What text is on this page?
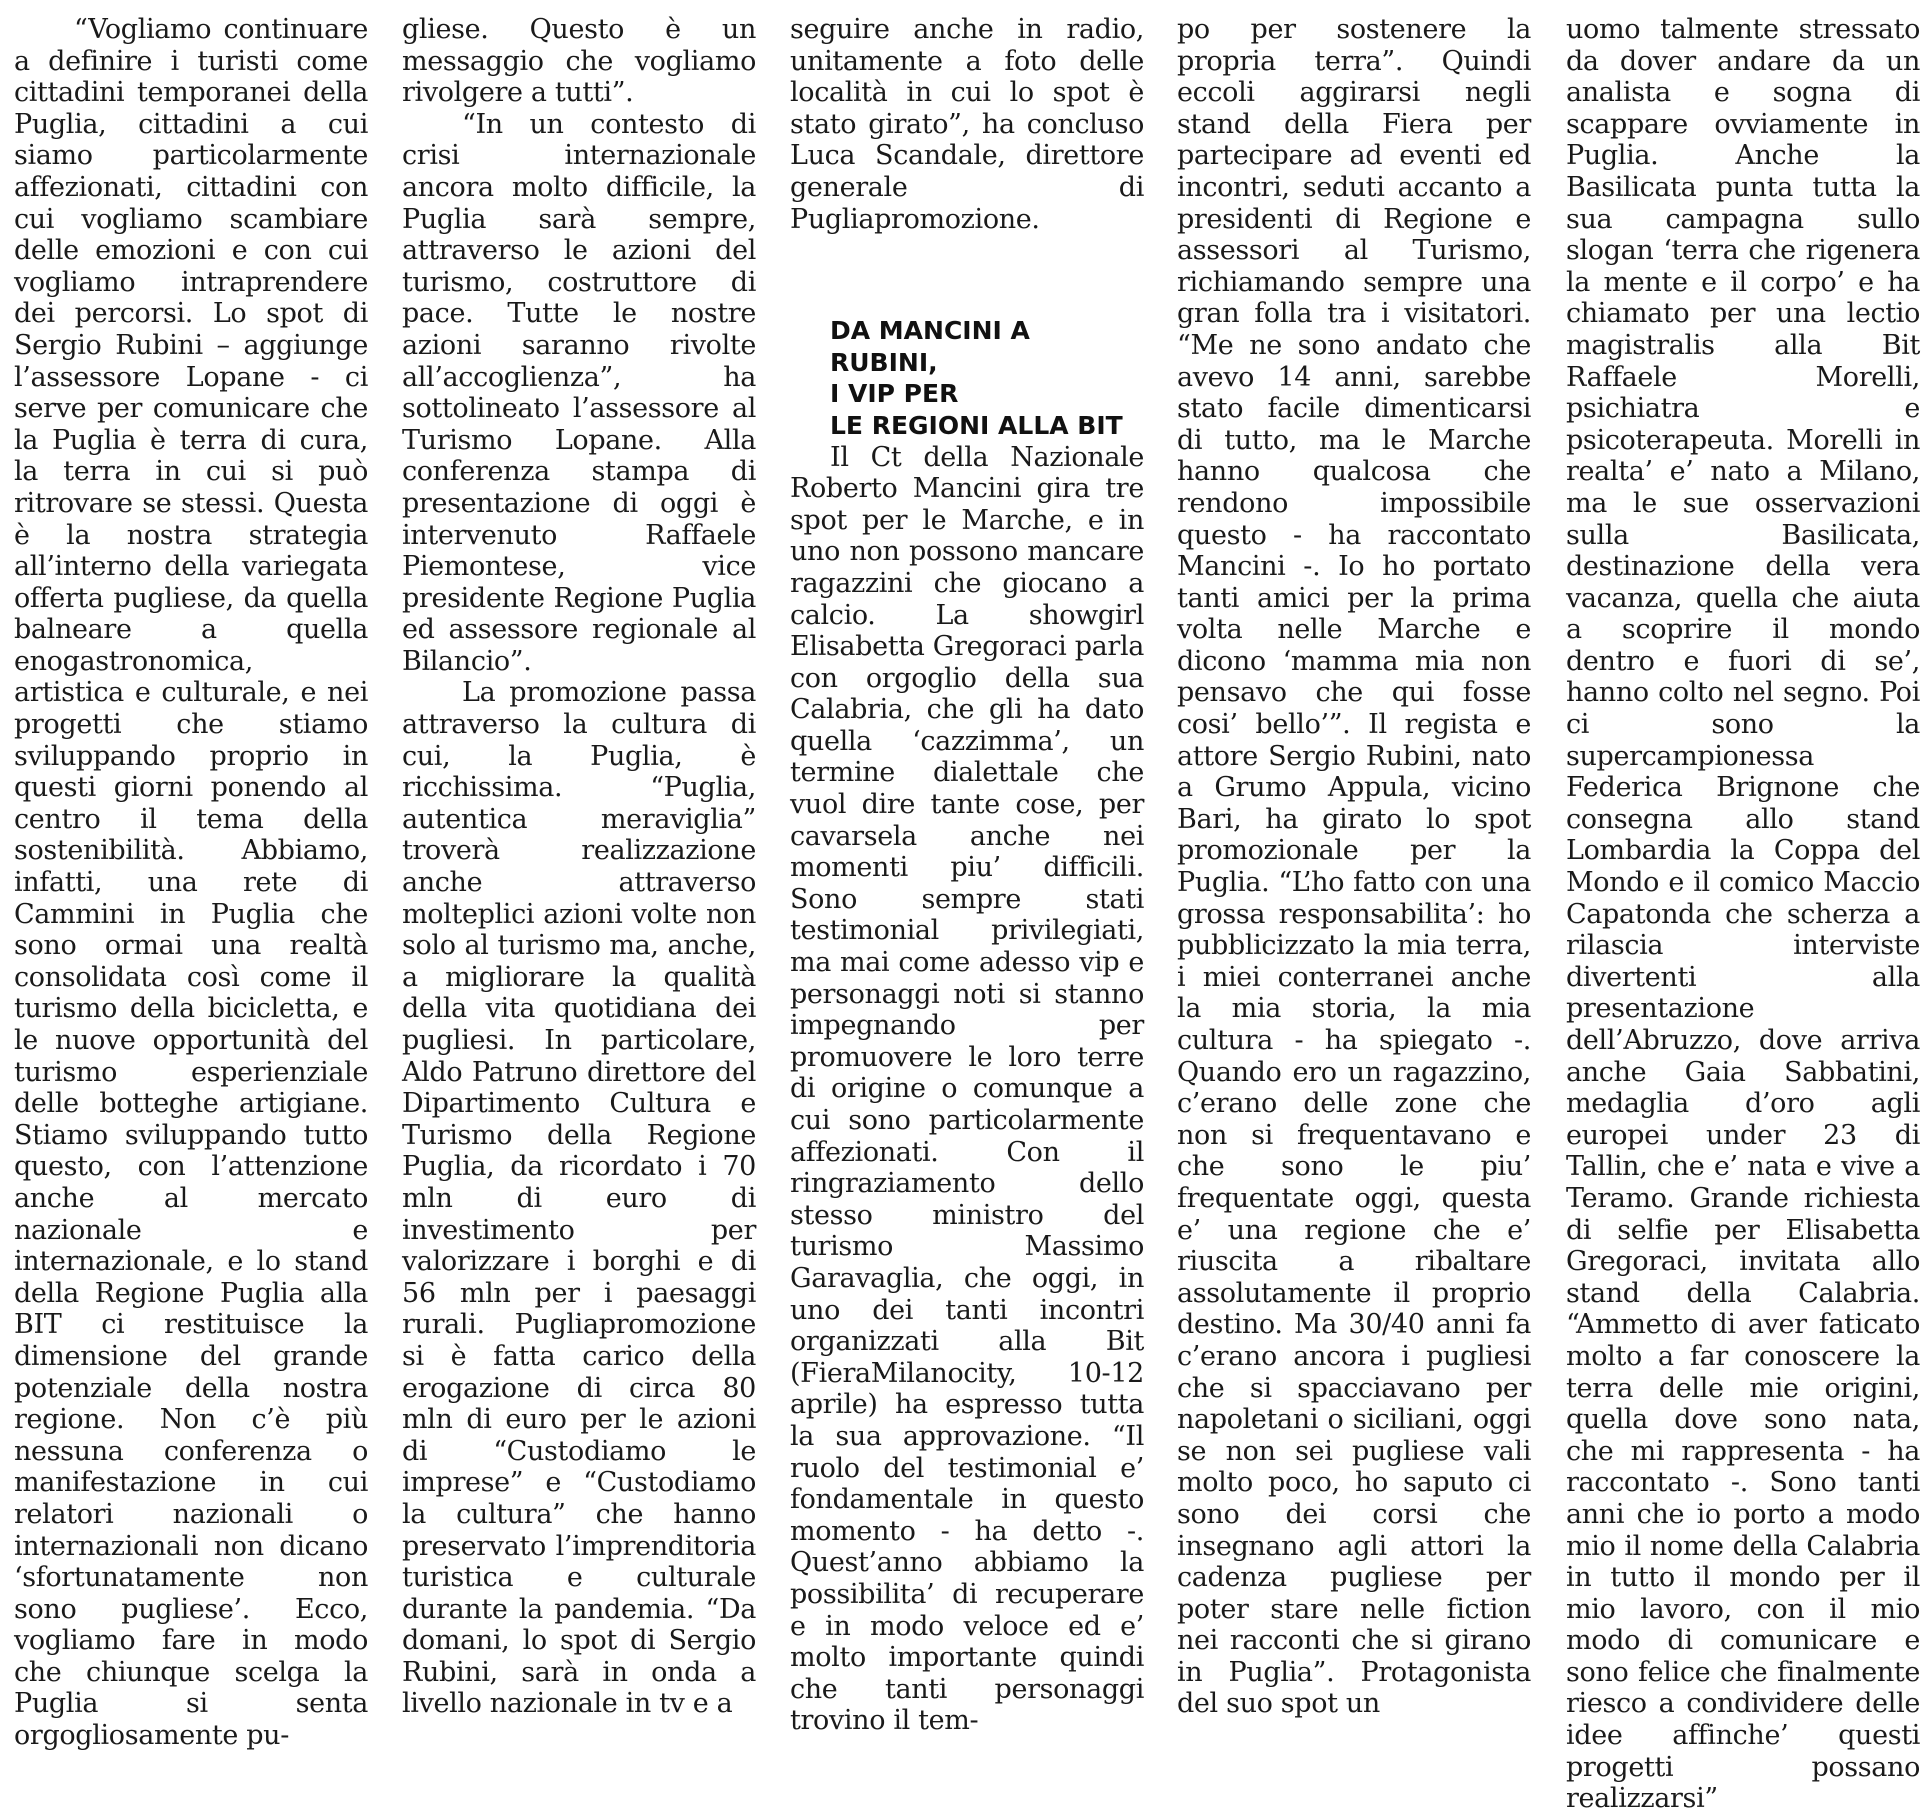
“Vogliamo continuare a definire i turisti come cittadini temporanei della Puglia, cittadini a cui siamo particolarmente affezionati, cittadini con cui vogliamo scambiare delle emozioni e con cui vogliamo intraprendere dei percorsi. Lo spot di Sergio Rubini – aggiunge l’assessore Lopane - ci serve per comunicare che la Puglia è terra di cura, la terra in cui si può ritrovare se stessi. Questa è la nostra strategia all’interno della variegata offerta pugliese, da quella balneare a quella enogastronomica, artistica e culturale, e nei progetti che stiamo sviluppando proprio in questi giorni ponendo al centro il tema della sostenibilità. Abbiamo, infatti, una rete di Cammini in Puglia che sono ormai una realtà consolidata così come il turismo della bicicletta, e le nuove opportunità del turismo esperienziale delle botteghe artigiane. Stiamo sviluppando tutto questo, con l’attenzione anche al mercato nazionale e internazionale, e lo stand della Regione Puglia alla BIT ci restituisce la dimensione del grande potenziale della nostra regione. Non c’è più nessuna conferenza o manifestazione in cui relatori nazionali o internazionali non dicano ‘sfortunatamente non sono pugliese’. Ecco, vogliamo fare in modo che chiunque scelga la Puglia si senta orgogliosamente pu-

gliese. Questo è un messaggio che vogliamo rivolgere a tutti”.

“In un contesto di crisi internazionale ancora molto difficile, la Puglia sarà sempre, attraverso le azioni del turismo, costruttore di pace. Tutte le nostre azioni saranno rivolte all’accoglienza”, ha sottolineato l’assessore al Turismo Lopane. Alla conferenza stampa di presentazione di oggi è intervenuto Raffaele Piemontese, vice presidente Regione Puglia ed assessore regionale al Bilancio”.

La promozione passa attraverso la cultura di cui, la Puglia, è ricchissima. “Puglia, autentica meraviglia” troverà realizzazione anche attraverso molteplici azioni volte non solo al turismo ma, anche, a migliorare la qualità della vita quotidiana dei pugliesi. In particolare, Aldo Patruno direttore del Dipartimento Cultura e Turismo della Regione Puglia, da ricordato i 70 mln di euro di investimento per valorizzare i borghi e di 56 mln per i paesaggi rurali. Pugliapromozione si è fatta carico della erogazione di circa 80 mln di euro per le azioni di “Custodiamo le imprese” e “Custodiamo la cultura” che hanno preservato l’imprenditoria turistica e culturale durante la pandemia. “Da domani, lo spot di Sergio Rubini, sarà in onda a livello nazionale in tv e a

seguire anche in radio, unitamente a foto delle località in cui lo spot è stato girato”, ha concluso Luca Scandale, direttore generale di Pugliapromozione.

DA MANCINI A RUBINI,
I VIP PER
LE REGIONI ALLA BIT

Il Ct della Nazionale Roberto Mancini gira tre spot per le Marche, e in uno non possono mancare ragazzini che giocano a calcio. La showgirl Elisabetta Gregoraci parla con orgoglio della sua Calabria, che gli ha dato quella ‘cazzimma’, un termine dialettale che vuol dire tante cose, per cavarsela anche nei momenti piu’ difficili. Sono sempre stati testimonial privilegiati, ma mai come adesso vip e personaggi noti si stanno impegnando per promuovere le loro terre di origine o comunque a cui sono particolarmente affezionati. Con il ringraziamento dello stesso ministro del turismo Massimo Garavaglia, che oggi, in uno dei tanti incontri organizzati alla Bit (FieraMilanocity, 10-12 aprile) ha espresso tutta la sua approvazione. “Il ruolo del testimonial e’ fondamentale in questo momento - ha detto -. Quest’anno abbiamo la possibilita’ di recuperare e in modo veloce ed e’ molto importante quindi che tanti personaggi trovino il tem-

po per sostenere la propria terra”. Quindi eccoli aggirarsi negli stand della Fiera per partecipare ad eventi ed incontri, seduti accanto a presidenti di Regione e assessori al Turismo, richiamando sempre una gran folla tra i visitatori. “Me ne sono andato che avevo 14 anni, sarebbe stato facile dimenticarsi di tutto, ma le Marche hanno qualcosa che rendono impossibile questo - ha raccontato Mancini -. Io ho portato tanti amici per la prima volta nelle Marche e dicono ‘mamma mia non pensavo che qui fosse cosi’ bello’”. Il regista e attore Sergio Rubini, nato a Grumo Appula, vicino Bari, ha girato lo spot promozionale per la Puglia. “L’ho fatto con una grossa responsabilita’: ho pubblicizzato la mia terra, i miei conterranei anche la mia storia, la mia cultura - ha spiegato -. Quando ero un ragazzino, c’erano delle zone che non si frequentavano e che sono le piu’ frequentate oggi, questa e’ una regione che e’ riuscita a ribaltare assolutamente il proprio destino. Ma 30/40 anni fa c’erano ancora i pugliesi che si spacciavano per napoletani o siciliani, oggi se non sei pugliese vali molto poco, ho saputo ci sono dei corsi che insegnano agli attori la cadenza pugliese per poter stare nelle fiction nei racconti che si girano in Puglia”. Protagonista del suo spot un

uomo talmente stressato da dover andare da un analista e sogna di scappare ovviamente in Puglia. Anche la Basilicata punta tutta la sua campagna sullo slogan ‘terra che rigenera la mente e il corpo’ e ha chiamato per una lectio magistralis alla Bit Raffaele Morelli, psichiatra e psicoterapeuta. Morelli in realta’ e’ nato a Milano, ma le sue osservazioni sulla Basilicata, destinazione della vera vacanza, quella che aiuta a scoprire il mondo dentro e fuori di se’, hanno colto nel segno. Poi ci sono la supercampionessa Federica Brignone che consegna allo stand Lombardia la Coppa del Mondo e il comico Maccio Capatonda che scherza a rilascia interviste divertenti alla presentazione dell’Abruzzo, dove arriva anche Gaia Sabbatini, medaglia d’oro agli europei under 23 di Tallin, che e’ nata e vive a Teramo. Grande richiesta di selfie per Elisabetta Gregoraci, invitata allo stand della Calabria. “Ammetto di aver faticato molto a far conoscere la terra delle mie origini, quella dove sono nata, che mi rappresenta - ha raccontato -. Sono tanti anni che io porto a modo mio il nome della Calabria in tutto il mondo per il mio lavoro, con il mio modo di comunicare e sono felice che finalmente riesco a condividere delle idee affinche’ questi progetti possano realizzarsi”
